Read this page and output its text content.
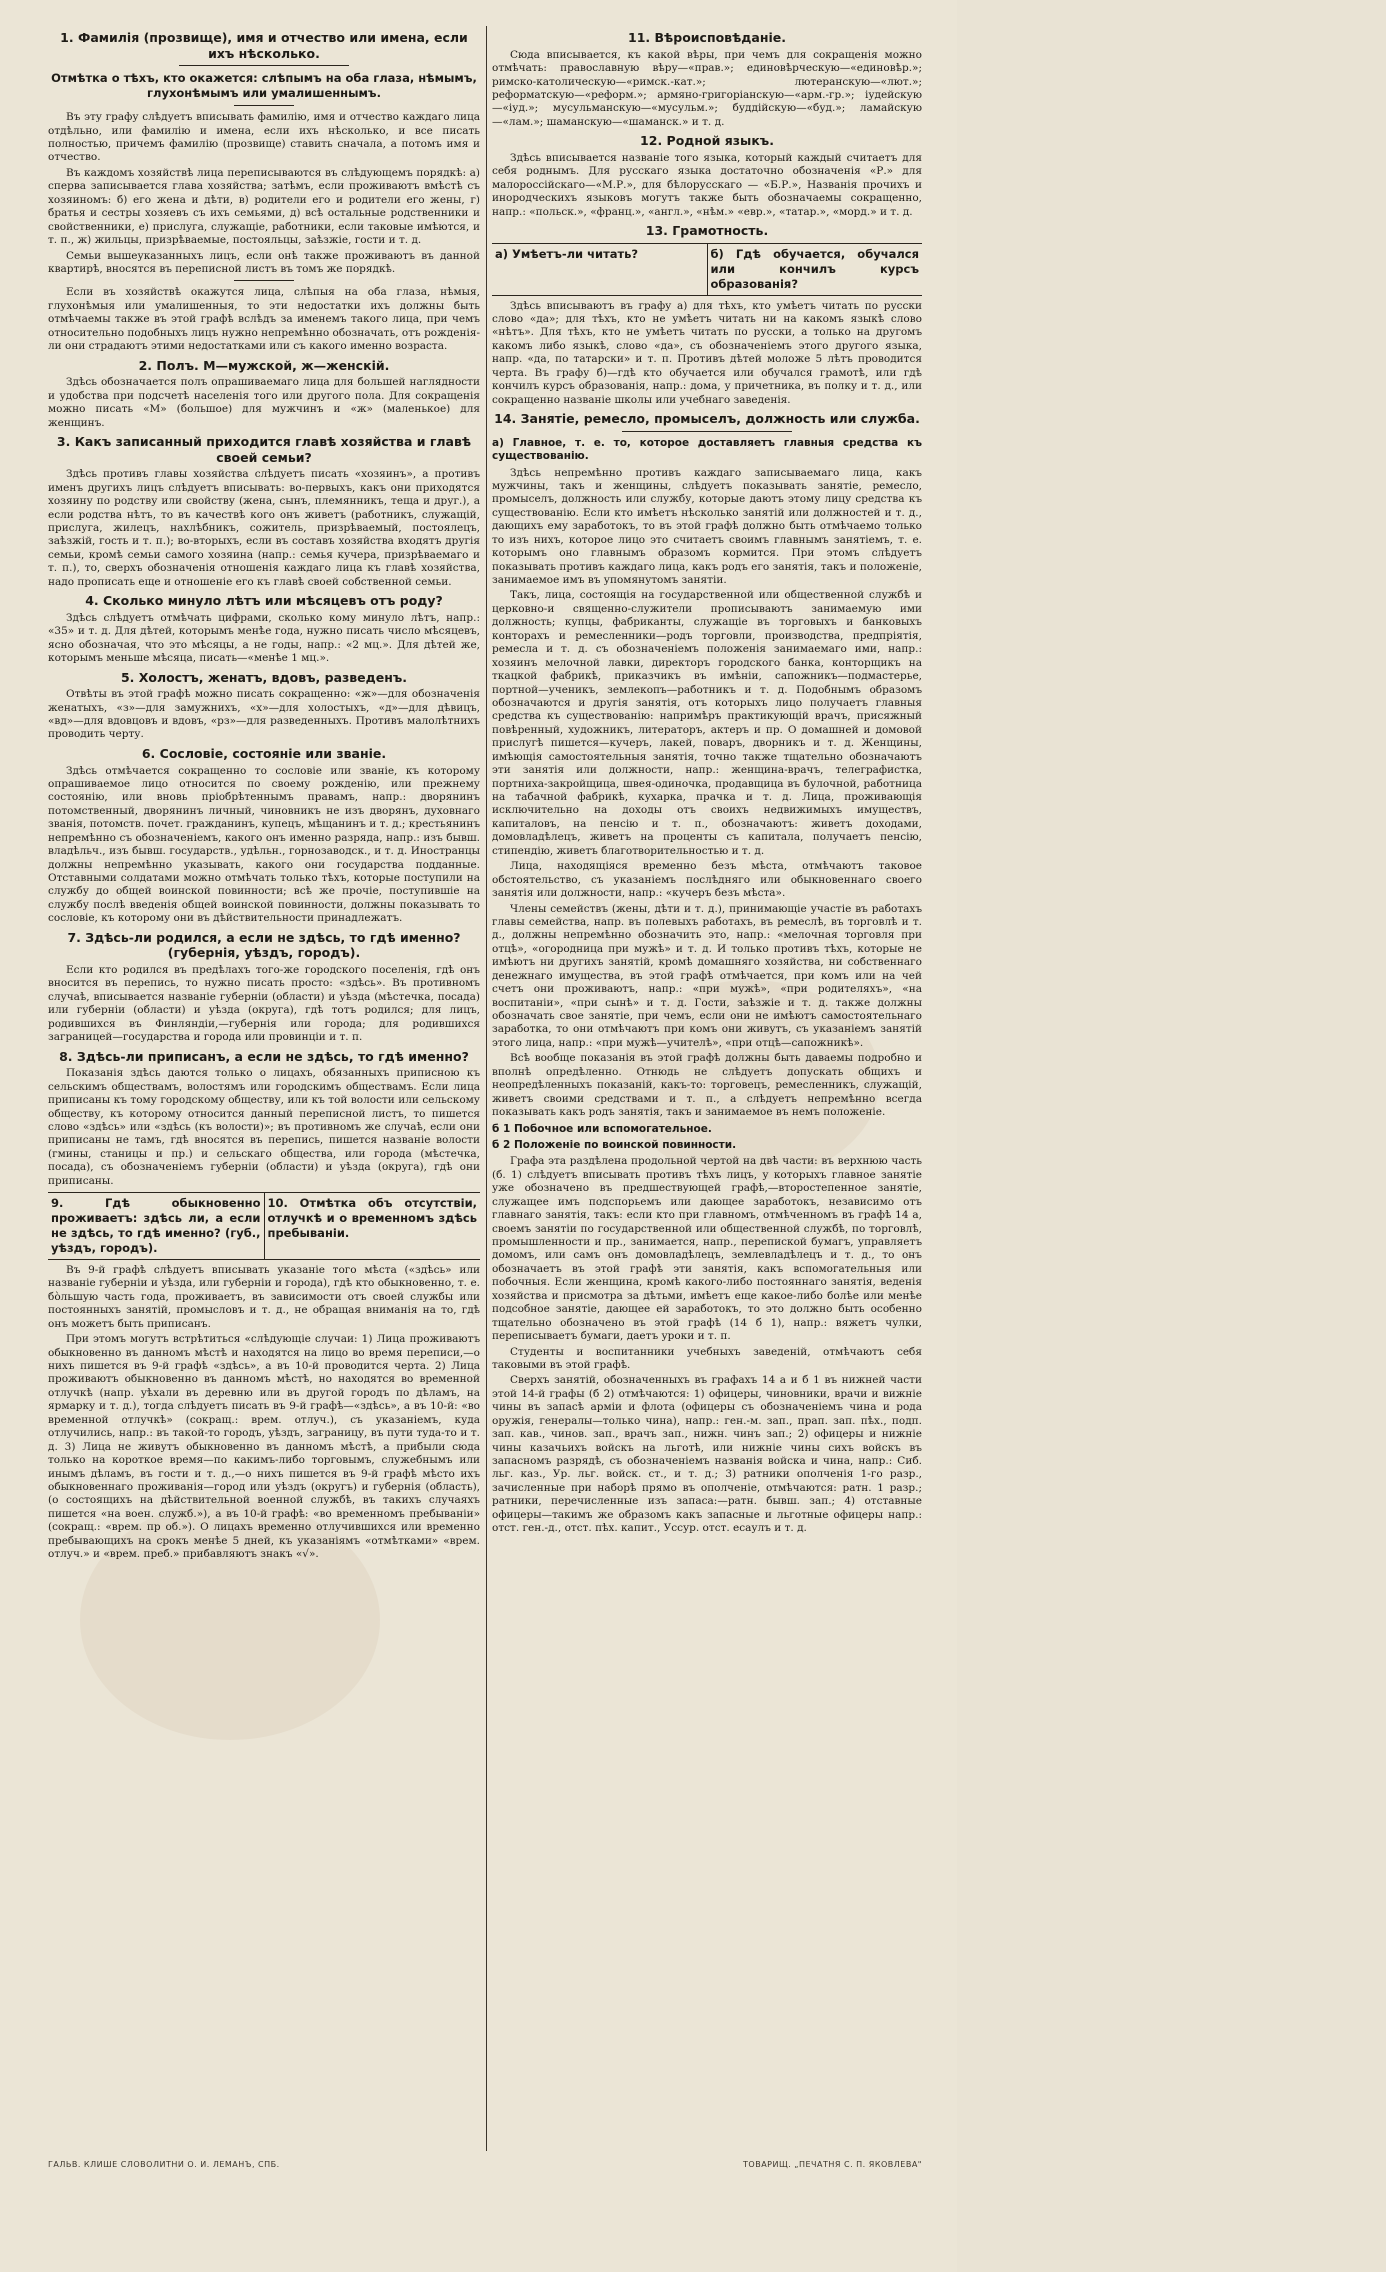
1. Фамилія (прозвище), имя и отчество или имена, если ихъ нѣсколько.
Отмѣтка о тѣхъ, кто окажется: слѣпымъ на оба глаза, нѣмымъ, глухонѣмымъ или умалишеннымъ.

Въ эту графу слѣдуетъ вписывать фамилію, имя и отчество каждаго лица отдѣльно, или фамилію и имена, если ихъ нѣсколько, и все писать полностью, причемъ фамилію (прозвище) ставить сначала, а потомъ имя и отчество.

Въ каждомъ хозяйствѣ лица переписываются въ слѣдующемъ порядкѣ: а) сперва записывается глава хозяйства; затѣмъ, если проживаютъ вмѣстѣ съ хозяиномъ: б) его жена и дѣти, в) родители его и родители его жены, г) братья и сестры хозяевъ съ ихъ семьями, д) всѣ остальные родственники и свойственники, е) прислуга, служащіе, работники, если таковые имѣются, и т. п., ж) жильцы, призрѣваемые, постояльцы, заѣзжіе, гости и т. д.

Семьи вышеуказанныхъ лицъ, если онѣ также проживаютъ въ данной квартирѣ, вносятся въ переписной листъ въ томъ же порядкѣ.

Если въ хозяйствѣ окажутся лица, слѣпыя на оба глаза, нѣмыя, глухонѣмыя или умалишенныя, то эти недостатки ихъ должны быть отмѣчаемы также въ этой графѣ вслѣдъ за именемъ такого лица, при чемъ относительно подобныхъ лицъ нужно непремѣнно обозначать, отъ рожденія-ли они страдаютъ этими недостатками или съ какого именно возраста.

2. Полъ. М—мужской, ж—женскій.

Здѣсь обозначается полъ опрашиваемаго лица для большей наглядности и удобства при подсчетѣ населенія того или другого пола. Для сокращенія можно писать «М» (большое) для мужчинъ и «ж» (маленькое) для женщинъ.

3. Какъ записанный приходится главѣ хозяйства и главѣ своей семьи?

Здѣсь противъ главы хозяйства слѣдуетъ писать «хозяинъ», а противъ именъ другихъ лицъ слѣдуетъ вписывать: во-первыхъ, какъ они приходятся хозяину по родству или свойству (жена, сынъ, племянникъ, теща и друг.), а если родства нѣтъ, то въ качествѣ кого онъ живетъ (работникъ, служащій, прислуга, жилецъ, нахлѣбникъ, сожитель, призрѣваемый, постоялецъ, заѣзжій, гость и т. п.); во-вторыхъ, если въ составъ хозяйства входятъ другія семьи, кромѣ семьи самого хозяина (напр.: семья кучера, призрѣваемаго и т. п.), то, сверхъ обозначенія отношенія каждаго лица къ главѣ хозяйства, надо прописать еще и отношеніе его къ главѣ своей собственной семьи.

4. Сколько минуло лѣтъ или мѣсяцевъ отъ роду?

Здѣсь слѣдуетъ отмѣчать цифрами, сколько кому минуло лѣтъ, напр.: «35» и т. д. Для дѣтей, которымъ менѣе года, нужно писать число мѣсяцевъ, ясно обозначая, что это мѣсяцы, а не годы, напр.: «2 мц.». Для дѣтей же, которымъ меньше мѣсяца, писать—«менѣе 1 мц.».

5. Холостъ, женатъ, вдовъ, разведенъ.

Отвѣты въ этой графѣ можно писать сокращенно: «ж»—для обозначенія женатыхъ, «з»—для замужнихъ, «х»—для холостыхъ, «д»—для дѣвицъ, «вд»—для вдовцовъ и вдовъ, «рз»—для разведенныхъ. Противъ малолѣтнихъ проводить черту.

6. Сословіе, состояніе или званіе.

Здѣсь отмѣчается сокращенно то сословіе или званіе, къ которому опрашиваемое лицо относится по своему рожденію, или прежнему состоянію, или вновь пріобрѣтеннымъ правамъ, напр.: дворянинъ потомственный, дворянинъ личный, чиновникъ не изъ дворянъ, духовнаго званія, потомств. почет. гражданинъ, купецъ, мѣщанинъ и т. д.; крестьянинъ непремѣнно съ обозначеніемъ, какого онъ именно разряда, напр.: изъ бывш. владѣльч., изъ бывш. государств., удѣльн., горнозаводск., и т. д. Иностранцы должны непремѣнно указывать, какого они государства подданные. Отставными солдатами можно отмѣчать только тѣхъ, которые поступили на службу до общей воинской повинности; всѣ же прочіе, поступившіе на службу послѣ введенія общей воинской повинности, должны показывать то сословіе, къ которому они въ дѣйствительности принадлежатъ.

7. Здѣсь-ли родился, а если не здѣсь, то гдѣ именно? (губернія, уѣздъ, городъ).

Если кто родился въ предѣлахъ того-же городского поселенія, гдѣ онъ вносится въ перепись, то нужно писать просто: «здѣсь». Въ противномъ случаѣ, вписывается названіе губерніи (области) и уѣзда (мѣстечка, посада) или губерніи (области) и уѣзда (округа), гдѣ тотъ родился; для лицъ, родившихся въ Финляндіи,—губернія или города; для родившихся заграницей—государства и города или провинціи и т. п.

8. Здѣсь-ли приписанъ, а если не здѣсь, то гдѣ именно?

Показанія здѣсь даются только о лицахъ, обязанныхъ приписною къ сельскимъ обществамъ, волостямъ или городскимъ обществамъ. Если лица приписаны къ тому городскому обществу, или къ той волости или сельскому обществу, къ которому относится данный переписной листъ, то пишется слово «здѣсь» или «здѣсь (къ волости)»; въ противномъ же случаѣ, если они приписаны не тамъ, гдѣ вносятся въ перепись, пишется названіе волости (гмины, станицы и пр.) и сельскаго общества, или города (мѣстечка, посада), съ обозначеніемъ губерніи (области) и уѣзда (округа), гдѣ они приписаны.

9. Гдѣ обыкновенно проживаетъ: здѣсь ли, а если не здѣсь, то гдѣ именно? (губ., уѣздъ, городъ).
10. Отмѣтка объ отсутствіи, отлучкѣ и о временномъ здѣсь пребываніи.

Въ 9-й графѣ слѣдуетъ вписывать указаніе того мѣста («здѣсь» или названіе губерніи и уѣзда, или губерніи и города), гдѣ кто обыкновенно, т. е. бо̀льшую часть года, проживаетъ, въ зависимости отъ своей службы или постоянныхъ занятій, промысловъ и т. д., не обращая вниманія на то, гдѣ онъ можетъ быть приписанъ.

При этомъ могутъ встрѣтиться «слѣдующіе случаи: 1) Лица проживаютъ обыкновенно въ данномъ мѣстѣ и находятся на лицо во время переписи,—о нихъ пишется въ 9-й графѣ «здѣсь», а въ 10-й проводится черта. 2) Лица проживаютъ обыкновенно въ данномъ мѣстѣ, но находятся во временной отлучкѣ (напр. уѣхали въ деревню или въ другой городъ по дѣламъ, на ярмарку и т. д.), тогда слѣдуетъ писать въ 9-й графѣ—«здѣсь», а въ 10-й: «во временной отлучкѣ» (сокращ.: врем. отлуч.), съ указаніемъ, куда отлучились, напр.: въ такой-то городъ, уѣздъ, заграницу, въ пути туда-то и т. д. 3) Лица не живутъ обыкновенно въ данномъ мѣстѣ, а прибыли сюда только на короткое время—по какимъ-либо торговымъ, служебнымъ или инымъ дѣламъ, въ гости и т. д.,—о нихъ пишется въ 9-й графѣ мѣсто ихъ обыкновеннаго проживанія—город или уѣздъ (округъ) и губернія (область), (о состоящихъ на дѣйствительной военной службѣ, въ такихъ случаяхъ пишется «на воен. служб.»), а въ 10-й графѣ: «во временномъ пребываніи» (сокращ.: «врем. пр об.»). О лицахъ временно отлучившихся или временно пребывающихъ на срокъ менѣе 5 дней, къ указаніямъ «отмѣтками» «врем. отлуч.» и «врем. преб.» прибавляютъ знакъ «√».

11. Вѣроисповѣданіе.

Сюда вписывается, къ какой вѣры, при чемъ для сокращенія можно отмѣчать: православную вѣру—«прав.»; единовѣрческую—«единовѣр.»; римско-католическую—«римск.-кат.»; лютеранскую—«лют.»; реформатскую—«реформ.»; армяно-григоріанскую—«арм.-гр.»; іудейскую—«іуд.»; мусульманскую—«мусульм.»; буддійскую—«буд.»; ламайскую—«лам.»; шаманскую—«шаманск.» и т. д.

12. Родной языкъ.

Здѣсь вписывается названіе того языка, который каждый считаетъ для себя роднымъ. Для русскаго языка достаточно обозначенія «Р.» для малороссійскаго—«М.Р.», для бѣлорусскаго — «Б.Р.», Названія прочихъ и инородческихъ языковъ могутъ также быть обозначаемы сокращенно, напр.: «польск.», «франц.», «англ.», «нѣм.» «евр.», «татар.», «морд.» и т. д.

13. Грамотность.
а) Умѣетъ-ли читать?	б) Гдѣ обучается, обучался или кончилъ курсъ образованія?

Здѣсь вписываютъ въ графу а) для тѣхъ, кто умѣетъ читать по русски слово «да»; для тѣхъ, кто не умѣетъ читать ни на какомъ языкѣ слово «нѣтъ». Для тѣхъ, кто не умѣетъ читать по русски, а только на другомъ какомъ либо языкѣ, слово «да», съ обозначеніемъ этого другого языка, напр. «да, по татарски» и т. п. Противъ дѣтей моложе 5 лѣтъ проводится черта. Въ графу б)—гдѣ кто обучается или обучался грамотѣ, или гдѣ кончилъ курсъ образованія, напр.: дома, у причетника, въ полку и т. д., или сокращенно названіе школы или учебнаго заведенія.

14. Занятіе, ремесло, промыселъ, должность или служба.

а) Главное, т. е. то, которое доставляетъ главныя средства къ существованію.

Здѣсь непремѣнно противъ каждаго записываемаго лица, какъ мужчины, такъ и женщины, слѣдуетъ показывать занятіе, ремесло, промыселъ, должность или службу, которые даютъ этому лицу средства къ существованію. Если кто имѣетъ нѣсколько занятій или должностей и т. д., дающихъ ему заработокъ, то въ этой графѣ должно быть отмѣчаемо только то изъ нихъ, которое лицо это считаетъ своимъ главнымъ занятіемъ, т. е. которымъ оно главнымъ образомъ кормится. При этомъ слѣдуетъ показывать противъ каждаго лица, какъ родъ его занятія, такъ и положеніе, занимаемое имъ въ упомянутомъ занятіи.

Такъ, лица, состоящія на государственной или общественной службѣ и церковно-и священно-служители прописываютъ занимаемую ими должность; купцы, фабриканты, служащіе въ торговыхъ и банковыхъ конторахъ и ремесленники—родъ торговли, производства, предпріятія, ремесла и т. д. съ обозначеніемъ положенія занимаемаго ими, напр.: хозяинъ мелочной лавки, директоръ городского банка, конторщикъ на ткацкой фабрикѣ, приказчикъ въ имѣніи, сапожникъ—подмастерье, портной—ученикъ, землекопъ—работникъ и т. д. Подобнымъ образомъ обозначаются и другія занятія, отъ которыхъ лицо получаетъ главныя средства къ существованію: напримѣръ практикующій врачъ, присяжный повѣренный, художникъ, литераторъ, актеръ и пр. О домашней и домовой прислугѣ пишется—кучеръ, лакей, поваръ, дворникъ и т. д. Женщины, имѣющія самостоятельныя занятія, точно также тщательно обозначаютъ эти занятія или должности, напр.: женщина-врачъ, телеграфистка, портниха-закройщица, швея-одиночка, продавщица въ булочной, работница на табачной фабрикѣ, кухарка, прачка и т. д. Лица, проживающія исключительно на доходы отъ своихъ недвижимыхъ имуществъ, капиталовъ, на пенсію и т. п., обозначаютъ: живетъ доходами, домовладѣлецъ, живетъ на проценты съ капитала, получаетъ пенсію, стипендію, живетъ благотворительностью и т. д.

Лица, находящіяся временно безъ мѣста, отмѣчаютъ таковое обстоятельство, съ указаніемъ послѣдняго или обыкновеннаго своего занятія или должности, напр.: «кучеръ безъ мѣста».

Члены семействъ (жены, дѣти и т. д.), принимающіе участіе въ работахъ главы семейства, напр. въ полевыхъ работахъ, въ ремеслѣ, въ торговлѣ и т. д., должны непремѣнно обозначить это, напр.: «мелочная торговля при отцѣ», «огородница при мужѣ» и т. д. И только противъ тѣхъ, которые не имѣютъ ни другихъ занятій, кромѣ домашняго хозяйства, ни собственнаго денежнаго имущества, въ этой графѣ отмѣчается, при комъ или на чей счетъ они проживаютъ, напр.: «при мужѣ», «при родителяхъ», «на воспитаніи», «при сынѣ» и т. д. Гости, заѣзжіе и т. д. также должны обозначать свое занятіе, при чемъ, если они не имѣютъ самостоятельнаго заработка, то они отмѣчаютъ при комъ они живутъ, съ указаніемъ занятій этого лица, напр.: «при мужѣ—учителѣ», «при отцѣ—сапожникѣ».

Всѣ вообще показанія въ этой графѣ должны быть даваемы подробно и вполнѣ опредѣленно. Отнюдь не слѣдуетъ допускать общихъ и неопредѣленныхъ показаній, какъ-то: торговецъ, ремесленникъ, служащій, живетъ своими средствами и т. п., а слѣдуетъ непремѣнно всегда показывать какъ родъ занятія, такъ и занимаемое въ немъ положеніе.

б 1 Побочное или вспомогательное.

б 2 Положеніе по воинской повинности.

Графа эта раздѣлена продольной чертой на двѣ части: въ верхнюю часть (б. 1) слѣдуетъ вписывать противъ тѣхъ лицъ, у которыхъ главное занятіе уже обозначено въ предшествующей графѣ,—второстепенное занятіе, служащее имъ подспорьемъ или дающее заработокъ, независимо отъ главнаго занятія, такъ: если кто при главномъ, отмѣченномъ въ графѣ 14 а, своемъ занятіи по государственной или общественной службѣ, по торговлѣ, промышленности и пр., занимается, напр., перепиской бумагъ, управляетъ домомъ, или самъ онъ домовладѣлецъ, землевладѣлецъ и т. д., то онъ обозначаетъ въ этой графѣ эти занятія, какъ вспомогательныя или побочныя. Если женщина, кромѣ какого-либо постояннаго занятія, веденія хозяйства и присмотра за дѣтьми, имѣетъ еще какое-либо болѣе или менѣе подсобное занятіе, дающее ей заработокъ, то это должно быть особенно тщательно обозначено въ этой графѣ (14 б 1), напр.: вяжетъ чулки, переписываетъ бумаги, даетъ уроки и т. п.

Студенты и воспитанники учебныхъ заведеній, отмѣчаютъ себя таковыми въ этой графѣ.

Сверхъ занятій, обозначенныхъ въ графахъ 14 а и б 1 въ нижней части этой 14-й графы (б 2) отмѣчаются: 1) офицеры, чиновники, врачи и вижніе чины въ запасѣ арміи и флота (офицеры съ обозначеніемъ чина и рода оружія, генералы—только чина), напр.: ген.-м. зап., прап. зап. пѣх., подп. зап. кав., чинов. зап., врачъ зап., нижн. чинъ зап.; 2) офицеры и нижніе чины казачьихъ войскъ на льготѣ, или нижніе чины сихъ войскъ въ запасномъ разрядѣ, съ обозначеніемъ названія войска и чина, напр.: Сиб. льг. каз., Ур. льг. войск. ст., и т. д.; 3) ратники ополченія 1-го разр., зачисленные при наборѣ прямо въ ополченіе, отмѣчаются: ратн. 1 разр.; ратники, перечисленные изъ запаса:—ратн. бывш. зап.; 4) отставные офицеры—такимъ же образомъ какъ запасные и льготные офицеры напр.: отст. ген.-д., отст. пѣх. капит., Уссур. отст. есаулъ и т. д.

ГАЛЬВ. КЛИШЕ СЛОВОЛИТНИ О. И. ЛЕМАНЪ, СПБ.	ТОВАРИЩ. „ПЕЧАТНЯ С. П. ЯКОВЛЕВА"
